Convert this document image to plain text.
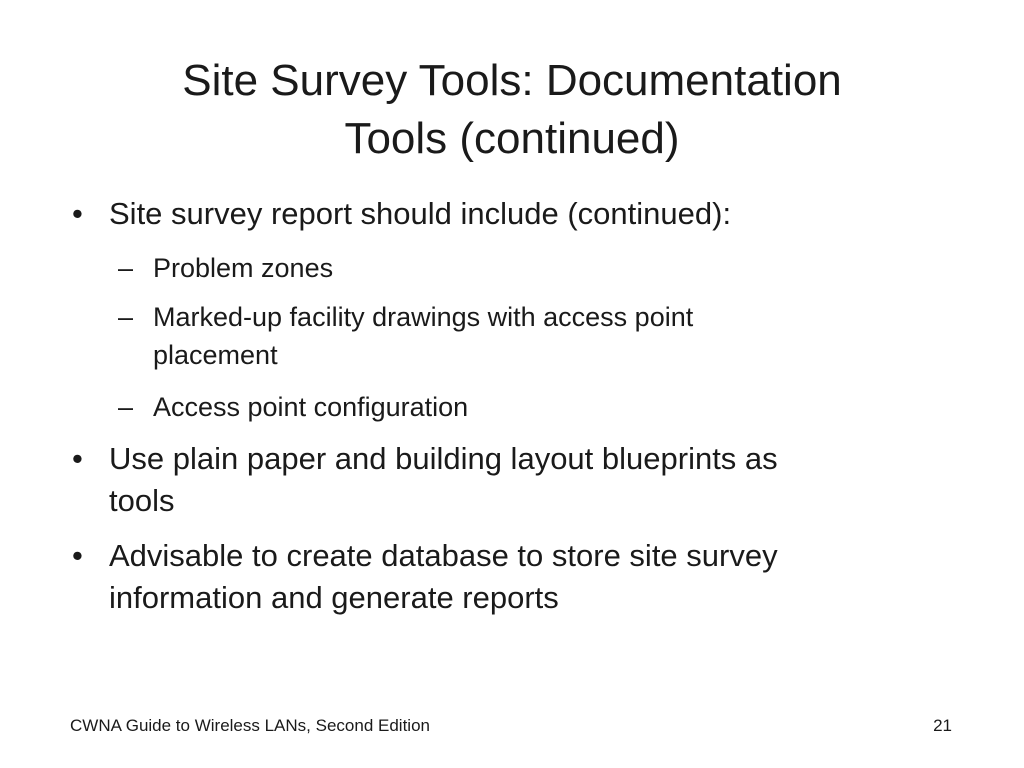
Site Survey Tools: Documentation
Tools (continued)
• Site survey report should include (continued):
– Problem zones
– Marked-up facility drawings with access point
placement
– Access point configuration
• Use plain paper and building layout blueprints as
tools
• Advisable to create database to store site survey
information and generate reports
CWNA Guide to Wireless LANs, Second Edition	21
